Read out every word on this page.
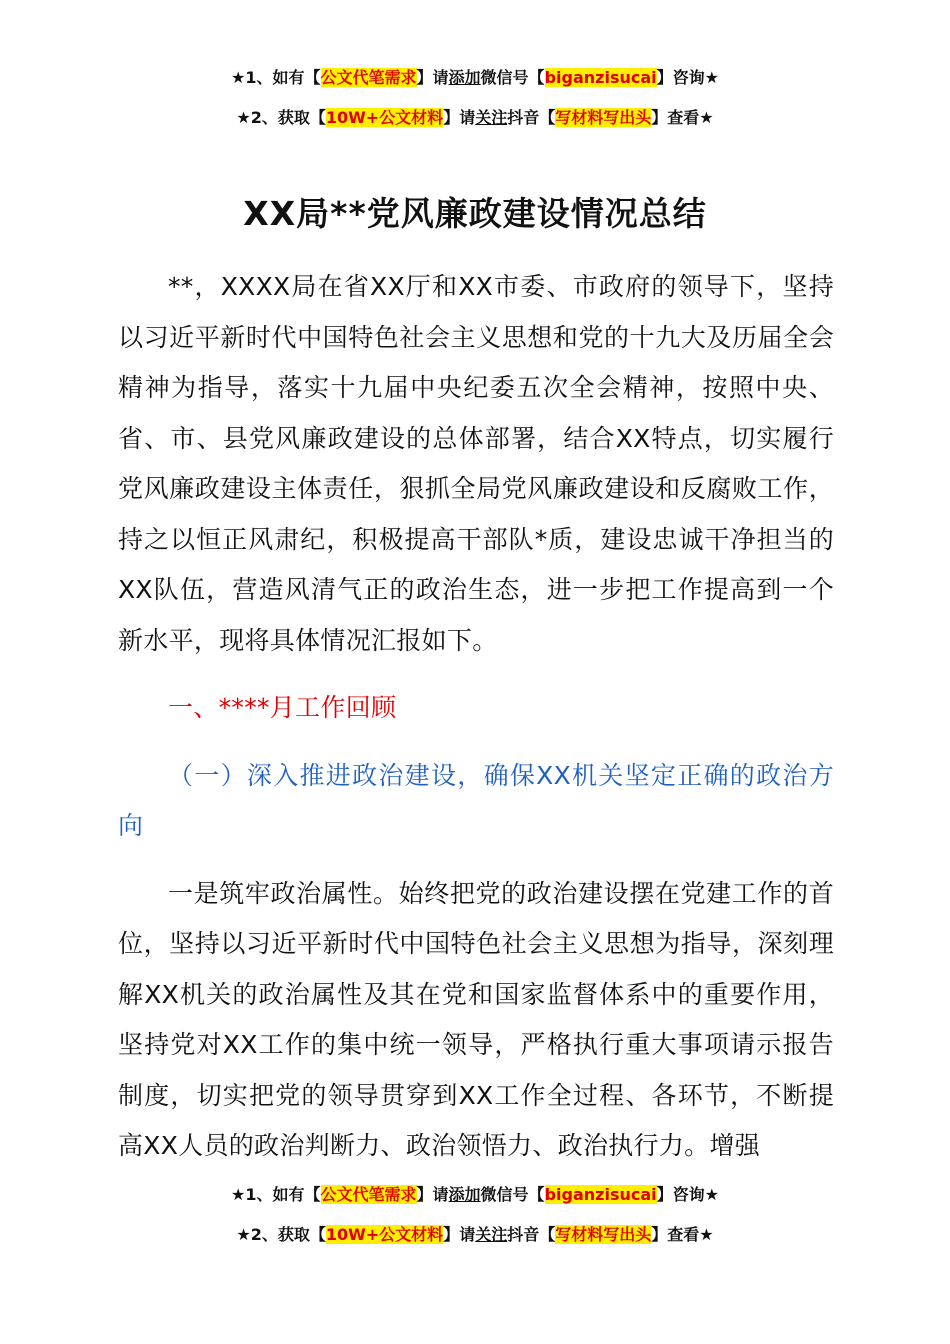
★1、如有【公文代笔需求】请添加微信号【biganzisucai】咨询★
★2、获取【10W+公文材料】请关注抖音【写材料写出头】查看★
XX局**党风廉政建设情况总结

**，XXXX局在省XX厅和XX市委、市政府的领导下，坚持以习近平新时代中国特色社会主义思想和党的十九大及历届全会精神为指导，落实十九届中央纪委五次全会精神，按照中央、省、市、县党风廉政建设的总体部署，结合XX特点，切实履行党风廉政建设主体责任，狠抓全局党风廉政建设和反腐败工作，持之以恒正风肃纪，积极提高干部队*质，建设忠诚干净担当的XX队伍，营造风清气正的政治生态，进一步把工作提高到一个新水平，现将具体情况汇报如下。

一、****月工作回顾

（一）深入推进政治建设，确保XX机关坚定正确的政治方向

一是筑牢政治属性。始终把党的政治建设摆在党建工作的首位，坚持以习近平新时代中国特色社会主义思想为指导，深刻理解XX机关的政治属性及其在党和国家监督体系中的重要作用，坚持党对XX工作的集中统一领导，严格执行重大事项请示报告制度，切实把党的领导贯穿到XX工作全过程、各环节，不断提高XX人员的政治判断力、政治领悟力、政治执行力。增强

★1、如有【公文代笔需求】请添加微信号【biganzisucai】咨询★
★2、获取【10W+公文材料】请关注抖音【写材料写出头】查看★
